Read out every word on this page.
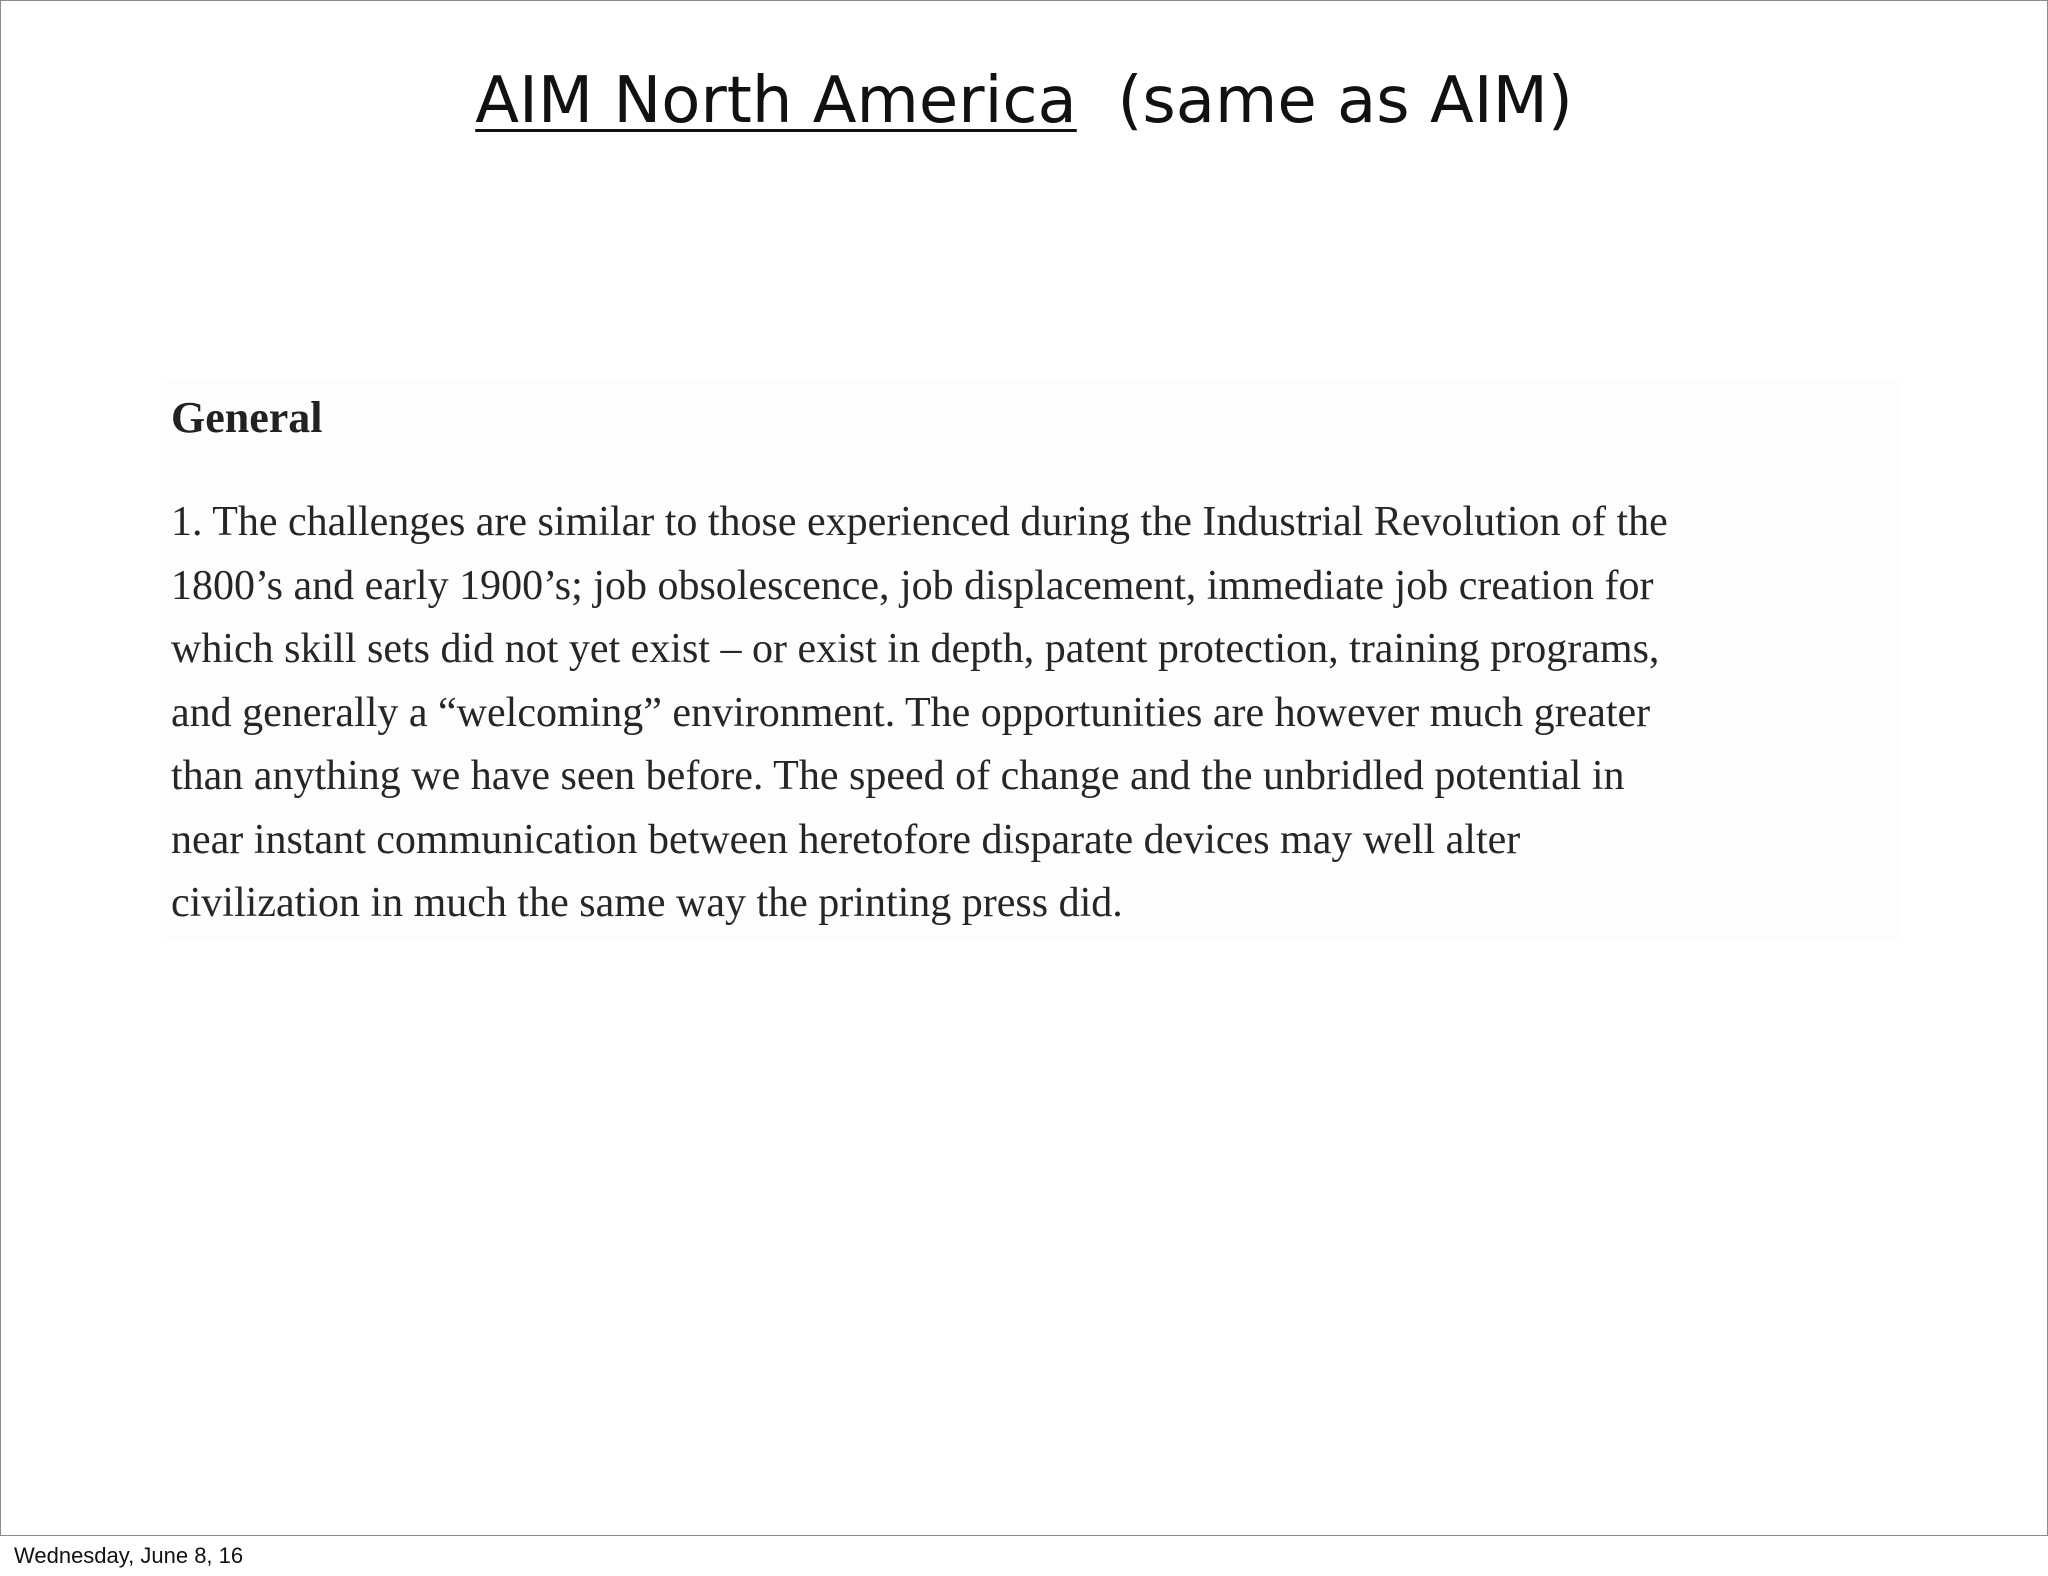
AIM North America (same as AIM)
General

1. The challenges are similar to those experienced during the Industrial Revolution of the
1800’s and early 1900’s; job obsolescence, job displacement, immediate job creation for
which skill sets did not yet exist – or exist in depth, patent protection, training programs,
and generally a “welcoming” environment. The opportunities are however much greater
than anything we have seen before. The speed of change and the unbridled potential in
near instant communication between heretofore disparate devices may well alter
civilization in much the same way the printing press did.

Wednesday, June 8, 16
